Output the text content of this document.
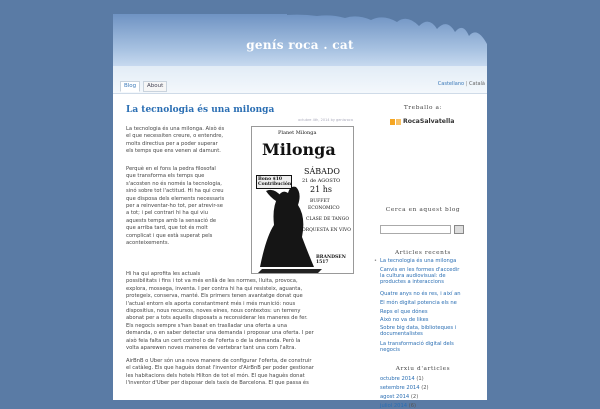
genís roca . cat
Blog	About	Castellano | Català
La tecnologia és una milonga
octubre 4th, 2014 by genisroca
La tecnologia és una milonga. Això és
el que necessiten creure, o entendre,
molts directius per a poder superar
els temps que ens venen al damunt.
Perquè en el fons la pedra filosofal
que transforma els temps que
s'acosten no és només la tecnologia,
sinó sobre tot l'actitud. Hi ha qui creu
que disposa dels elements necessaris
per a reinventar-ho tot, per atrevir-se
a tot; i pel contrari hi ha qui viu
aquests temps amb la sensació de
que arriba tard, que tot és molt
complicat i que està superat pels
aconteixements.
Hi ha qui aprofita les actuals
possibilitats i fins i tot va més enllà de les normes, lluita, provoca,
explora, mossega, inventa. I per contra hi ha qui resisteix, aguanta,
protegeix, conserva, manté. Els primers tenen avantatge donat que
l'actual entorn els aporta constantment més i més munició: nous
dispositius, nous recursos, noves eines, nous contextos: un terreny
abonat per a tots aquells disposats a reconsiderar les maneres de fer.
Els negocis sempre s'han basat en traslladar una oferta a una
demanda, o en saber detectar una demanda i proposar una oferta. I per
això feia falta un cert control o de l'oferta o de la demanda. Però la
volta aparewen noves maneres de vertebrar tant una com l'altra.
AirBnB o Uber són una nova manere de configurar l'oferta, de construir
el catàleg. Els que haguès donat l'inventor d'AirBnB per poder gestionar
les habitacions dels hotels Hilton de tot el món. El que haguès donat
l'inventor d'Uber per disposar dels taxis de Barcelona. El que passa és
Planet Milonga
Milonga
SÁBADO
21 de AGOSTO
21 hs
Bono $10 Contribución
BUFFET
ECONOMICO
CLASE DE TANGO
ORQUESTA EN VIVO
BRANDSEN 1517
Treballo a:
RocaSalvatella
Cerca en aquest blog
Articles recents
• La tecnologia és una milonga
Canvis en les formes d'accedir
la cultura audiovisual: de
productes a interaccions
Quatre anys no és res, i així an
El món digital potencia els ne
Reps el que dónes
Això no va de likes
Sobre big data, biblioteques i
documentalistes
La transformació digital dels
negocis
Arxiu d'articles
octubre 2014 (1)
setembre 2014 (2)
agost 2014 (2)
juliol 2014 (6)
